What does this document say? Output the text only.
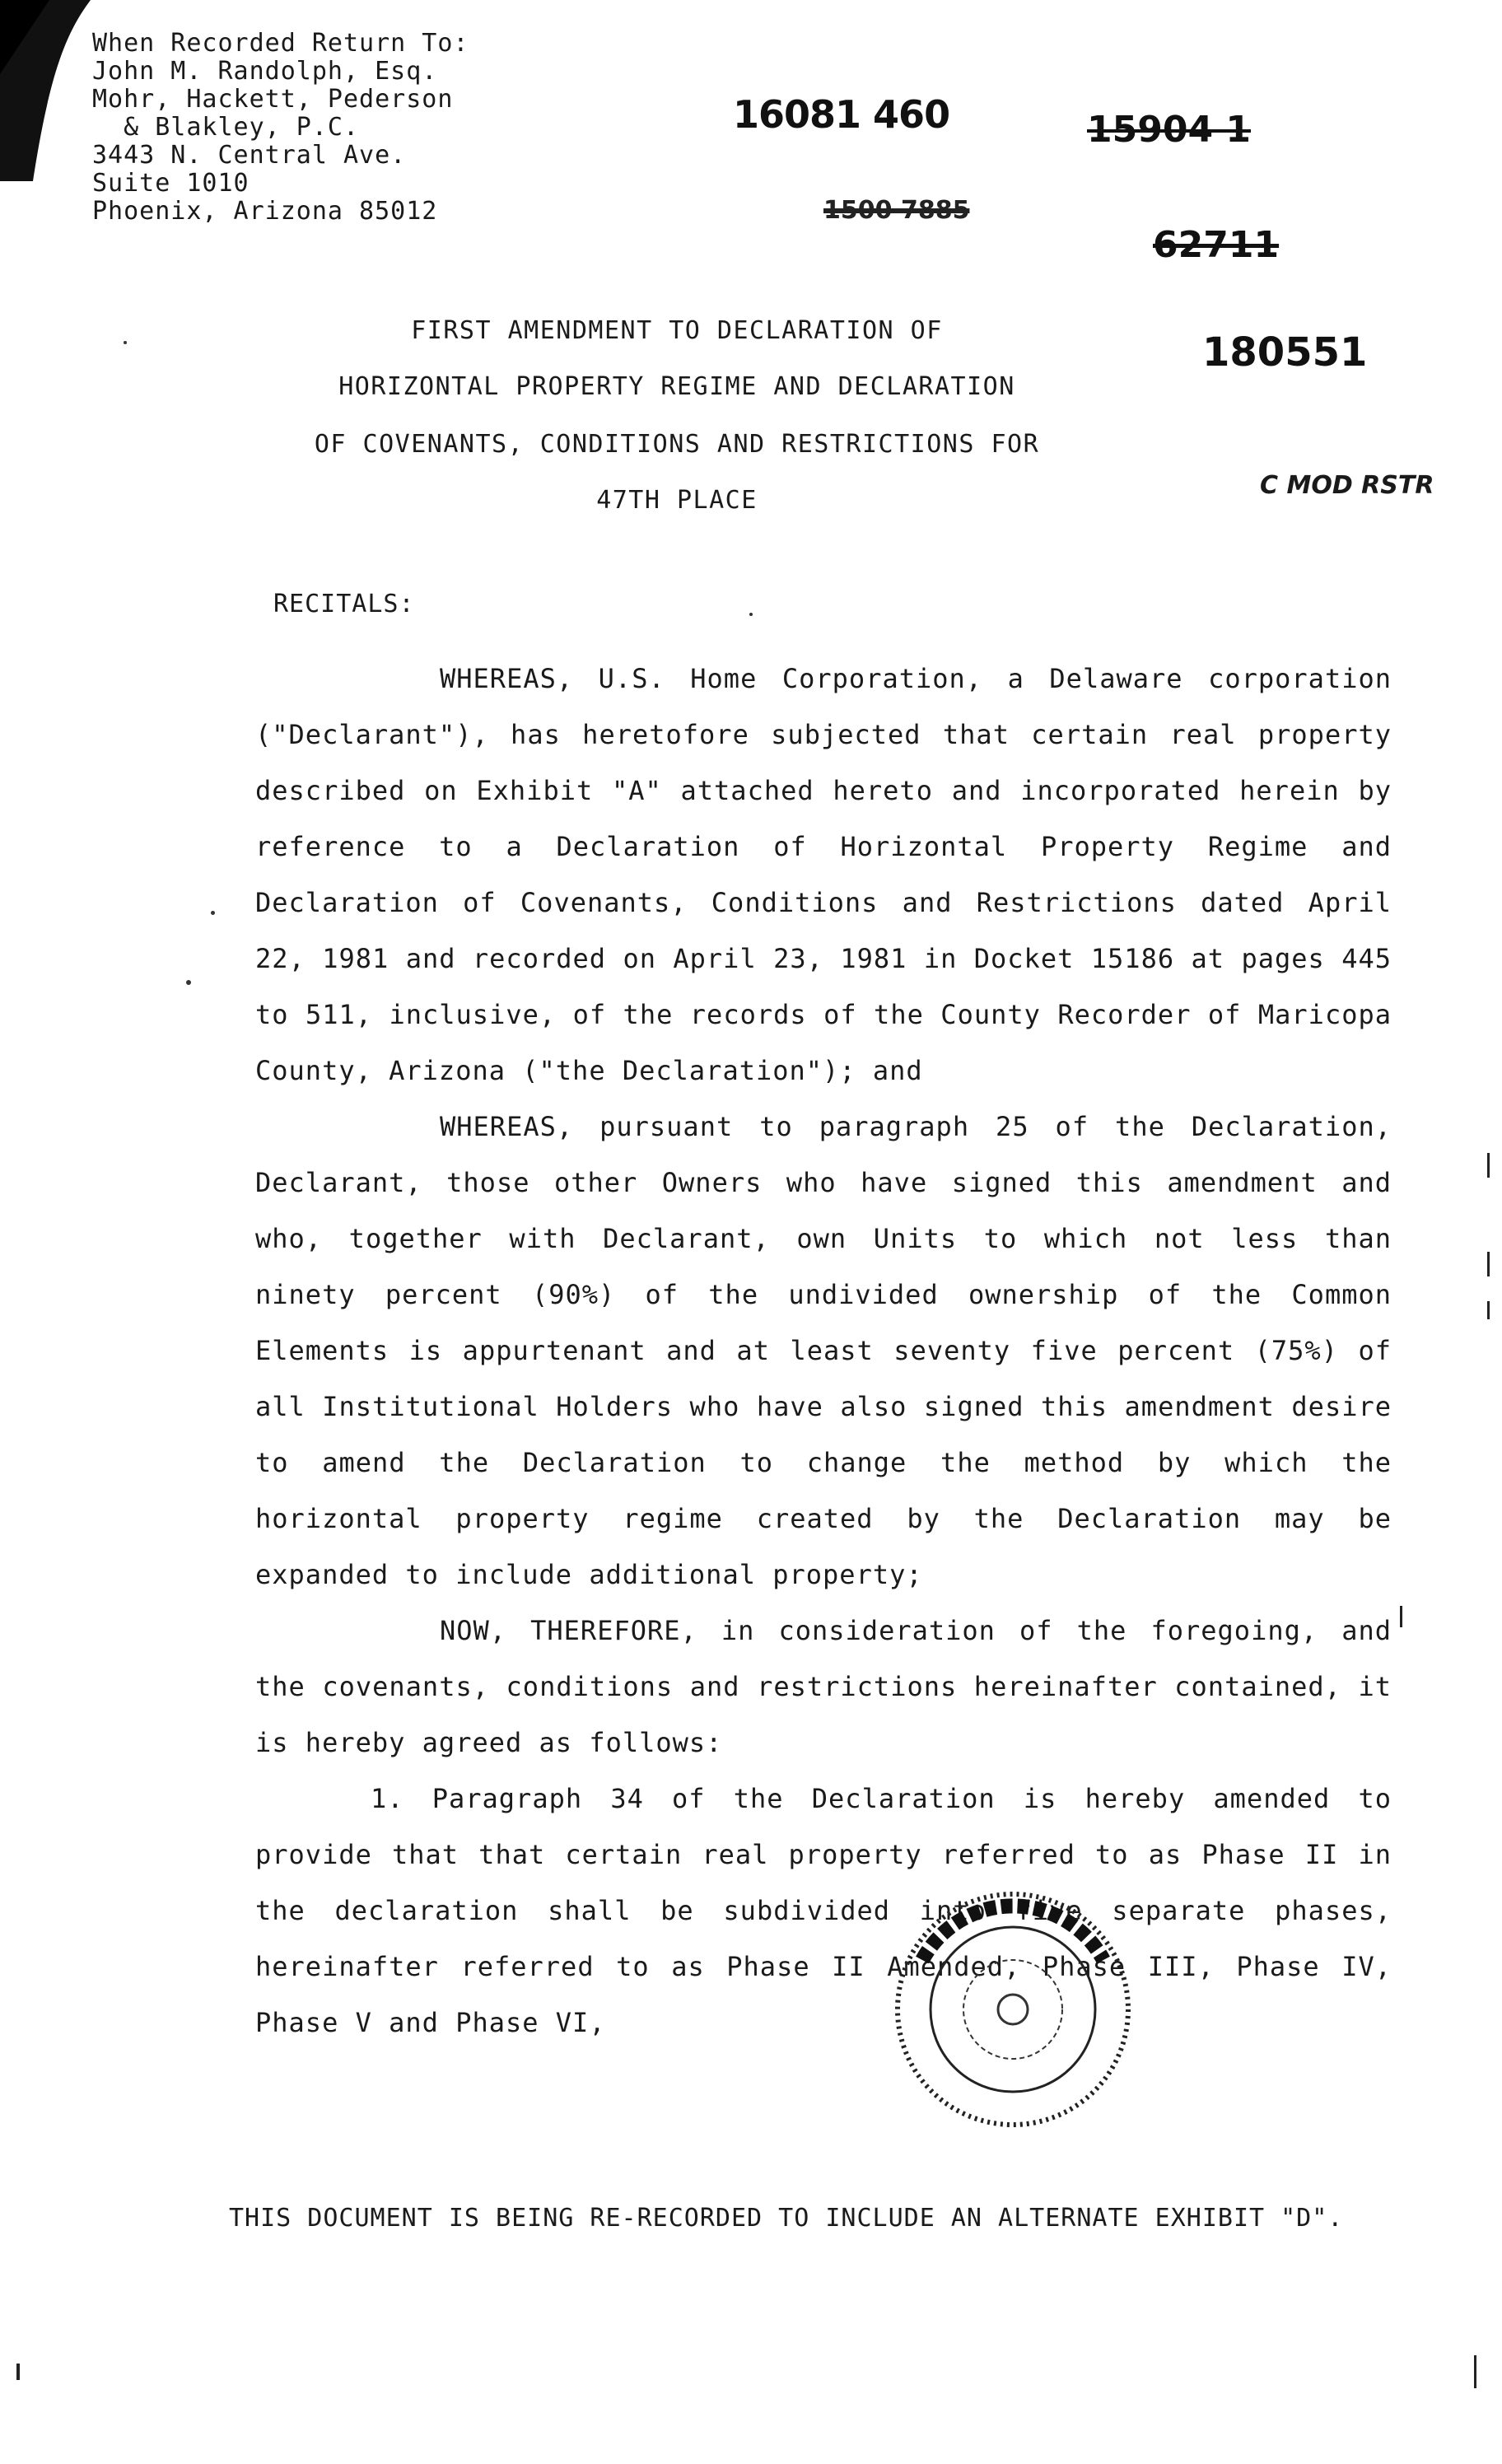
When Recorded Return To:
John M. Randolph, Esq.
Mohr, Hackett, Pederson
& Blakley, P.C.
3443 N. Central Ave.
Suite 1010
Phoenix, Arizona 85012
16081 460	15904 1
1500 7885
62711
180551
C MOD RSTR
FIRST AMENDMENT TO DECLARATION OF
HORIZONTAL PROPERTY REGIME AND DECLARATION
OF COVENANTS, CONDITIONS AND RESTRICTIONS FOR
47TH PLACE
RECITALS:

WHEREAS, U.S. Home Corporation, a Delaware corporation ("Declarant"), has heretofore subjected that certain real property described on Exhibit "A" attached hereto and incorporated herein by reference to a Declaration of Horizontal Property Regime and Declaration of Covenants, Conditions and Restrictions dated April 22, 1981 and recorded on April 23, 1981 in Docket 15186 at pages 445 to 511, inclusive, of the records of the County Recorder of Maricopa County, Arizona ("the Declaration"); and

WHEREAS, pursuant to paragraph 25 of the Declaration, Declarant, those other Owners who have signed this amendment and who, together with Declarant, own Units to which not less than ninety percent (90%) of the undivided ownership of the Common Elements is appurtenant and at least seventy five percent (75%) of all Institutional Holders who have also signed this amendment desire to amend the Declaration to change the method by which the horizontal property regime created by the Declaration may be expanded to include additional property;

NOW, THEREFORE, in consideration of the foregoing, and the covenants, conditions and restrictions hereinafter contained, it is hereby agreed as follows:

1. Paragraph 34 of the Declaration is hereby amended to provide that that certain real property referred to as Phase II in the declaration shall be subdivided into five separate phases, hereinafter referred to as Phase II Amended, Phase III, Phase IV, Phase V and Phase VI,

THIS DOCUMENT IS BEING RE-RECORDED TO INCLUDE AN ALTERNATE EXHIBIT "D".
